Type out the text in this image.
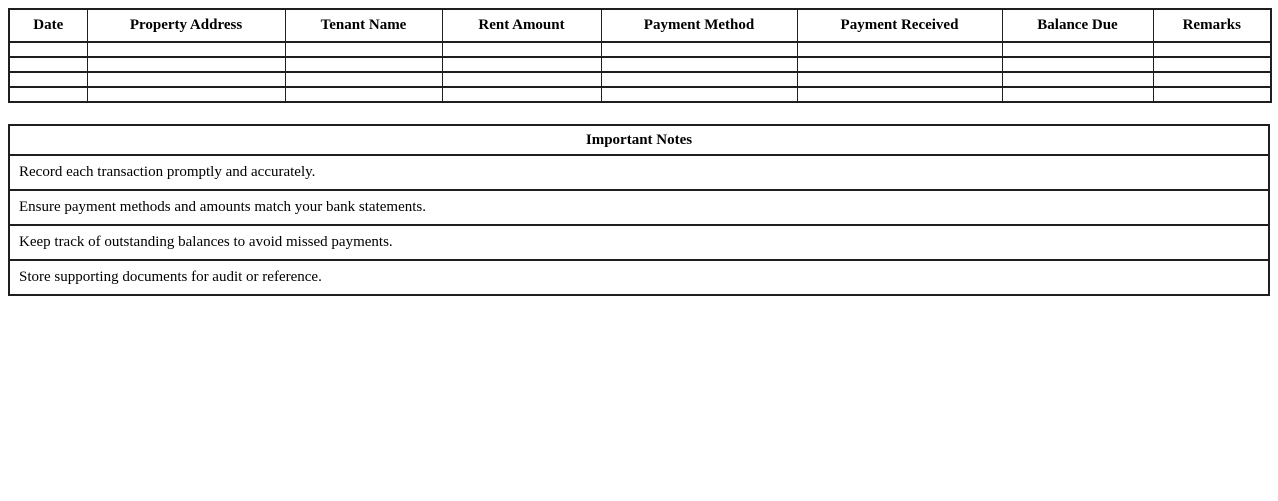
Date	Property Address	Tenant Name	Rent Amount	Payment Method	Payment Received	Balance Due	Remarks

Important Notes
Record each transaction promptly and accurately.
Ensure payment methods and amounts match your bank statements.
Keep track of outstanding balances to avoid missed payments.
Store supporting documents for audit or reference.
